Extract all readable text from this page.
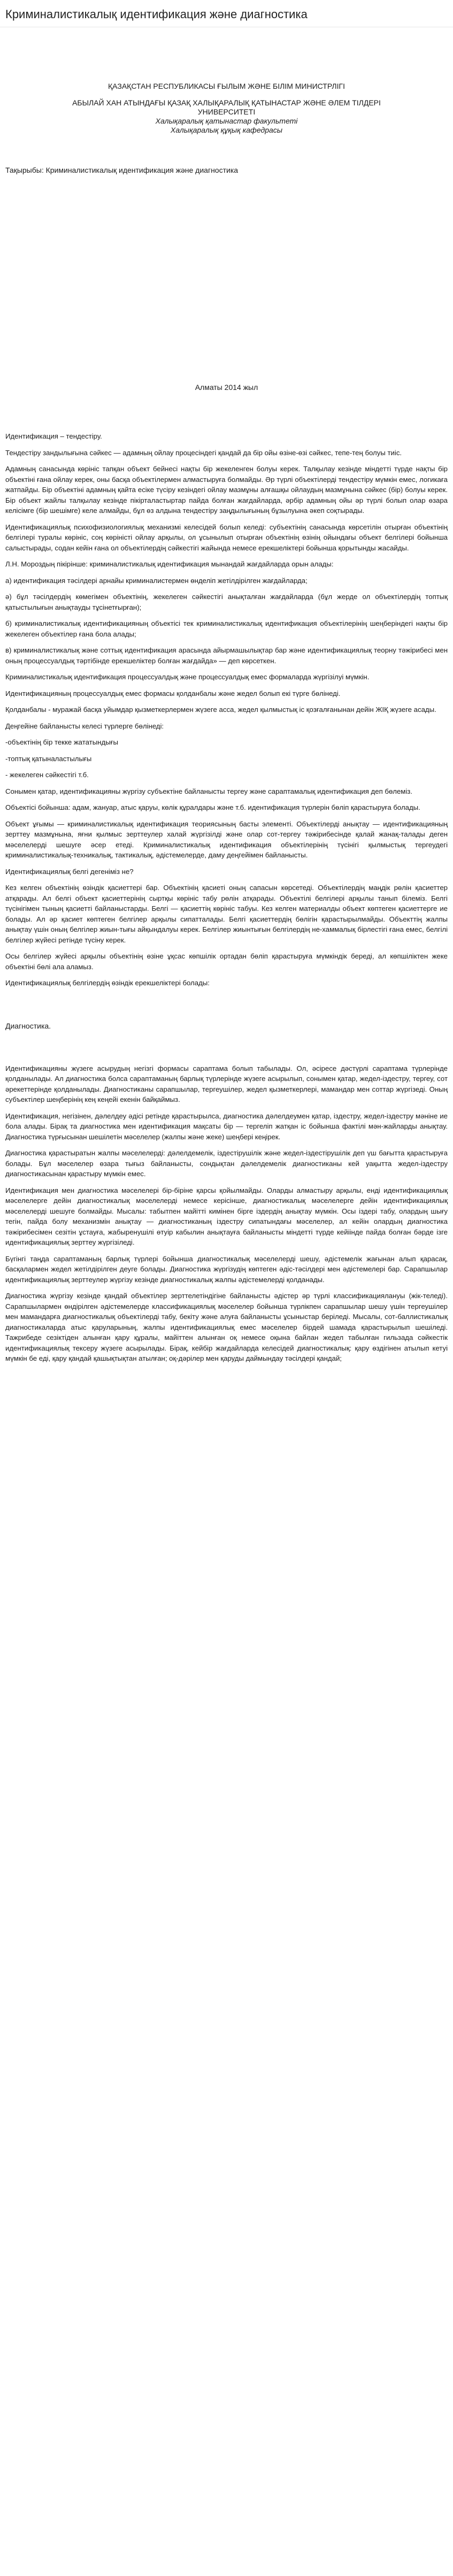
Криминалистикалық идентификация және диагностика

ҚАЗАҚСТАН РЕСПУБЛИКАСЫ ҒЫЛЫМ ЖӘНЕ БІЛІМ МИНИСТРЛІГІ

АБЫЛАЙ ХАН АТЫНДАҒЫ ҚАЗАҚ ХАЛЫҚАРАЛЫҚ ҚАТЫНАСТАР ЖӘНЕ ӘЛЕМ ТІЛДЕРІ

УНИВЕРСИТЕТІ

Халықаралық қатынастар факультеті

Халықаралық құқық кафедрасы

Тақырыбы: Криминалистикалық идентификация және диагностика
Алматы 2014 жыл

Идентификация – тендестіру.

Тендестіру зандылығына сәйкес — адамның ойлау процесіндегі қандай да бір ойы өзіне-өзі сәйкес, тепе-тең болуы тиіс.

Адамның санасында көрініс тапқан объект бейнесі нақты бір жекеленген болуы керек. Талқылау кезінде міндетті түрде нақты бір объектіні ғана ойлау керек, оны басқа объектілермен алмастыруға болмайды. Әр түрлі объектілерді тендестіру мүмкін емес, логикаға жатпайды. Бір объектіні адамның қайта есіке түсіру кезіндегі ойлау мазмұны алғашқы ойлаудың мазмұнына сәйкес (бір) болуы керек. Бір объект жайлы талқылау кезінде пікірталастыртар пайда болған жағдайларда, әрбір адамның ойы әр түрлі болып олар өзара келісімге (бір шешімге) келе алмайды, бұл өз алдына тендестіру заңдылығының бұзылуына әкеп соқтырады.

Идентификациялық психофизиологиялық механизмі келесідей болып келеді: субъектінің санасында көрсетілін отырған объектінің белгілері туралы көрініс, соң көріністі ойлау арқылы, ол ұсынылып отырған объектінің өзінің ойындағы объект белгілері бойынша салыстырады, содан кейін ғана ол объектілердің сәйкестігі жайында немесе ерекшеліктері бойынша қорытынды жасайды.

Л.Н. Мороздың пікірінше: криминалистикалық идентификация мынандай жағдайларда орын алады:

а) идентификация тәсілдері арнайы криминалистермен өнделіп жетілдірілген жағдайларда;

ә) бұл тәсілдердің көмегімен объектінің, жекелеген сәйкестігі анықталған жағдайларда (бұл жерде ол объектілердің топтық қатыстылығын анықтауды тұсінетғырған);

б) криминалистикалық идентификацияның объектісі тек криминалистикалық идентификация объектілерінің шеңберіндегі нақты бір жекелеген объектілер ғана бола алады;

в) криминалистикалық және соттық идентификация арасында айырмашылықтар бар және идентификациялық теорну тәжірибесі мен оның процессуалдық тәртібінде ерекшеліктер болған жағдайда» — деп көрсеткен.

Криминалистикалық идентификация процессуалдық және процессуалдық емес формаларда жүргізілуі мүмкін.

Идентификацияның процессуалдық емес формасы қолданбалы және жедел болып екі түрге бөлінеді.

Қолданбалы - муражай басқа уйымдар қызметкерлермен жүзеге асса, жедел қылмыстық іс қозғалғанынан дейін ЖІҚ жүзеге асады.

Деңгейіне байланысты келесі түрлерге бөлінеді:

-объектінің бір текке жататындығы

-топтық қатыналастылығы

- жекелеген сәйкестігі т.б.

Сонымен қатар, идентификацияны жүргізу субъектіне байланысты тергеу және сараптамалық идентификация деп бөлеміз.

Объектісі бойынша: адам, жануар, атыс қаруы, көлік құралдары және т.б. идентификация түрлерін бөліп қарастыруға болады.

Объект ұғымы — криминалистикалық идентификация теориясының басты элементі. Объектілерді анықтау — идентификацияның зерттеу мазмұнына, яғни қылмыс зерттеулер халай жүргізілді және олар сот-тергеу тәжірибесінде қалай жанақ-талады деген мәселелерді шешуге әсер етеді. Криминалистикалық идентификация объектілерінің түсінігі қылмыстық тергеудегі криминалистикалық-техникалық, тактикалық, әдістемелерде, даму деңгейімен байланысты.

Идентификациялық белгі дегеніміз не?

Кез келген объектінің өзіндік қасиеттері бар. Объектінің қасиеті оның сапасын көрсетеді. Объектілердің маңдік рөлін қасиеттер атқарады. Ал белгі объект қасиеттерінің сыртқы көрініс табу рөлін атқарады. Объектілі белгілері арқылы танып білеміз. Белгі түсінігімен тының қасиетті байланыстарды. Белгі — қасиеттің көрініс табуы. Кез келген материалды объект көптеген қасиеттерге ие болады. Ал әр қасиет көптеген белгілер арқылы сипатталады. Белгі қасиеттердің бөлігін қарастырылмайды. Объекттің жалпы анықтау үшін оның белгілер жиын-тығы айқындалуы керек. Белгілер жиынтығын белгілердің не-хаммалық бірлестігі ғана емес, белгілі белгілер жүйесі ретінде түсіну керек.

Осы белгілер жүйесі арқылы объектінің өзіне ұқсас көпшілік ортадан бөліп қарастыруға мүмкіндік береді, ал көпшіліктен жеке объектіні бөлі ала аламыз.

Идентификациялық белгілердің өзіндік ерекшеліктері болады:

Диагностика.

Идентификацияны жүзеге асырудың негізгі формасы сараптама болып табылады. Ол, әсіресе дәстүрлі сараптама түрлерінде қолданылады. Ал диагностика болса сараптаманың барлық түрлерінде жүзеге асырылып, сонымен қатар, жедел-іздестру, тергеу, сот әрекеттерінде қолданылады. Диагностиканы сарапшылар, тергеушілер, жедел қызметкерлері, мамандар мен соттар жүргізеді. Оның субъектілер шеңберінің кең кеңейі екенін байқаймыз.

Идентификация, негізінен, дәлелдеу әдісі ретінде қарастырылса, диагностика дәлелдеумен қатар, іздестру, жедел-іздестру мәніне ие бола алады. Бірақ та диагностика мен идентификация мақсаты бір — тергеліп жатқан іс бойынша фактілі мән-жайларды анықтау. Диагностика түрғысынан шешілетін мәселелер (жалпы және жеке) шеңбері кеңірек.

Диагностика қарастыратын жалпы мәселелерді: дәлелдемелік, іздестірушілік және жедел-іздестірушілік деп үш бағытта қарастыруға болады. Бұл мәселелер өзара тығыз байланысты, сондықтан дәлелдемелік диагностиканы кей уақытта жедел-іздестру диагностикасынан қарастыру мүмкін емес.

Идентификация мен диагностика мәселелері бір-біріне қарсы қойылмайды. Оларды алмастыру арқылы, енді идентификациялық мәселелерге дейін диагностикалық мәселелерді немесе керісінше, диагностикалық мәселелерге дейін идентификациялық мәселелерді шешуге болмайды. Мысалы: табытпен майітті кимінен бірге іздердің анықтау мүмкін. Осы іздері табу, олардың шығу тегін, пайда болу механизмін анықтау — диагностиканың іздестру сипатындағы мәселелер, ал кейін олардың диагностика тәжірибесімен сезітін ұстауға, жабыренушілі өтуір кабылин анықтауға байланысты міндетті түрде кейіінде пайда болған бәрде ізге идентификациялық зерттеу жүргізіледі.

Бүгінгі таңда сараптаманың барлық түрлері бойынша диагностикалық мәселелерді шешу, әдістемелік жағынан алып қарасақ, басқалармен жедел жетілдірілген деуге болады. Диагностика жүргізудің көптеген әдіс-тәсілдері мен әдістемелері бар. Сарапшылар идентификациялық зерттеулер жүргізу кезінде диагностикалық жалпы әдістемелерді қолданады.

Диагностика жүргізу кезінде қандай объектілер зерттелетіндігіне байланысты әдістер әр түрлі классификациялануы (жік-теледі). Сарапшылармен өндірілген әдістемелерде классификациялық мәселелер бойынша түрлікпен сарапшылар шешу үшін тергеушілер мен мамандарға диагностикалық объектілерді табу, бекіту және алуға байланысты ұсыныстар беріледі. Мысалы, сот-баллистикалық диагностикаларда атыс қаруларының, жалпы идентификациялық емес мәселелер бірдей шамада қарастырылып шешіледі. Тажрибеде сезіктіден алынған қару құралы, майіттен алынған оқ немесе оқына байлан жедел табылған гильзада сәйкестік идентификациялық тексеру жүзеге асырылады. Бірақ, кейбір жағдайларда келесідей диагностикалық: қару өздігінен атылып кетуі мүмкін бе еді, қару қандай қашықтықтан атылған; оқ-дәрілер мен қаруды даймындау тәсілдері қандай;
